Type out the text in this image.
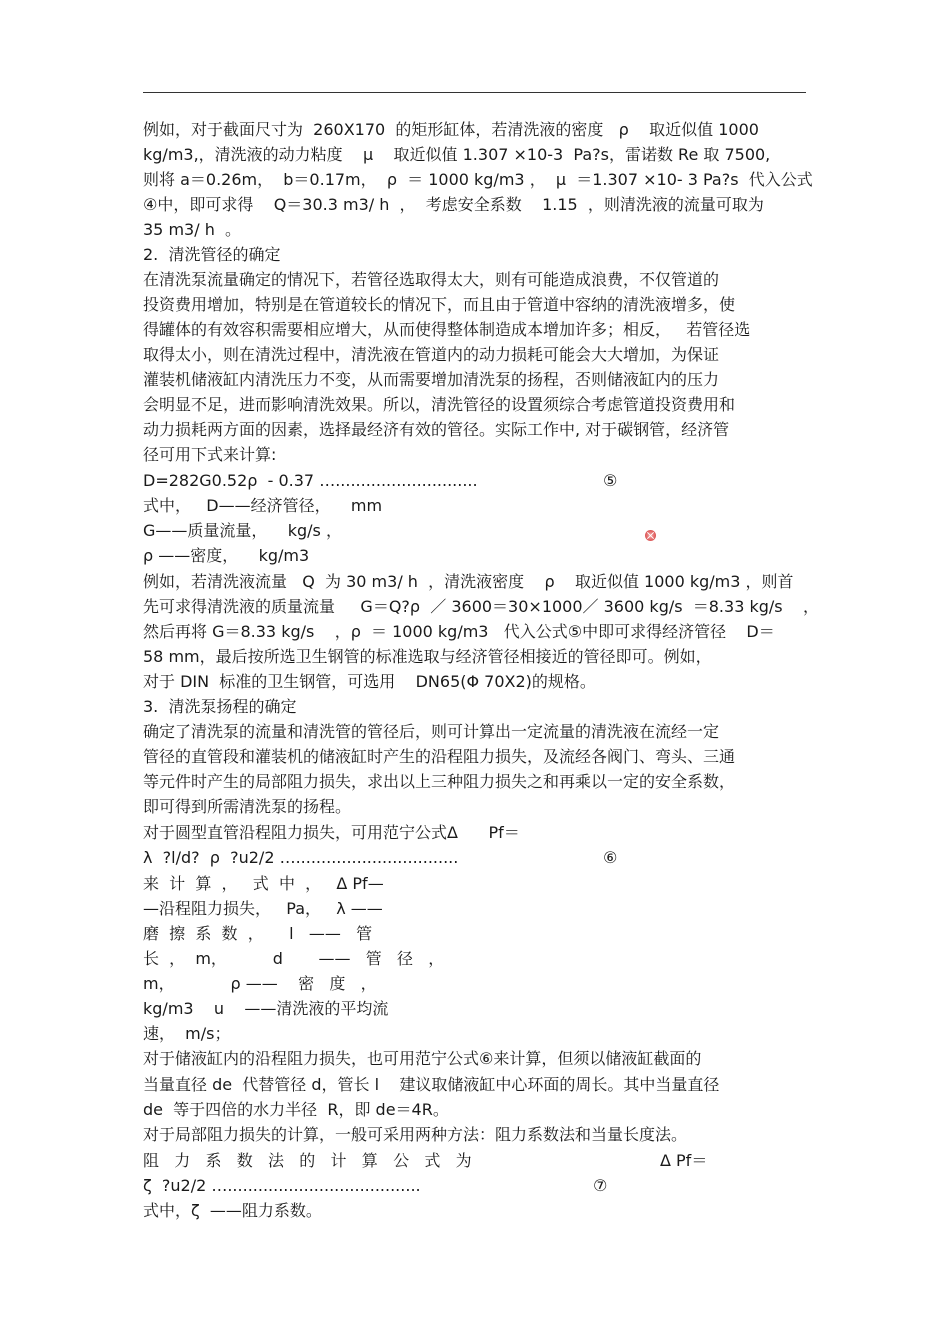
例如，对于截面尺寸为  260X170  的矩形缸体，若清洗液的密度   ρ    取近似值 1000
kg/m3,，清洗液的动力粘度    μ    取近似值 1.307 ×10-3  Pa?s，雷诺数 Re 取 7500,
则将 a＝0.26m，  b＝0.17m，  ρ  ＝ 1000 kg/m3 ，  μ  ＝1.307 ×10- 3 Pa?s  代入公式
④中，即可求得    Q＝30.3 m3/ h  ，  考虑安全系数    1.15  ，则清洗液的流量可取为
35 m3/ h  。
2.  清洗管径的确定
在清洗泵流量确定的情况下，若管径选取得太大，则有可能造成浪费，不仅管道的
投资费用增加，特别是在管道较长的情况下，而且由于管道中容纳的清洗液增多，使
得罐体的有效容积需要相应增大，从而使得整体制造成本增加许多；相反，   若管径选
取得太小，则在清洗过程中，清洗液在管道内的动力损耗可能会大大增加，为保证
灌装机储液缸内清洗压力不变，从而需要增加清洗泵的扬程，否则储液缸内的压力
会明显不足，进而影响清洗效果。所以，清洗管径的设置须综合考虑管道投资费用和
动力损耗两方面的因素，选择最经济有效的管径。实际工作中, 对于碳钢管，经济管
径可用下式来计算:
D=282G0.52ρ  - 0.37 …............................
式中，   D——经济管径，    mm
G——质量流量，    kg/s ，
ρ ——密度，    kg/m3
例如，若清洗液流量   Q  为 30 m3/ h  ，清洗液密度    ρ    取近似值 1000 kg/m3 ，则首
先可求得清洗液的质量流量     G＝Q?ρ  ／ 3600＝30×1000／ 3600 kg/s  ＝8.33 kg/s    ，
然后再将 G＝8.33 kg/s    ，ρ  ＝ 1000 kg/m3   代入公式⑤中即可求得经济管径    D＝
58 mm，最后按所选卫生钢管的标准选取与经济管径相接近的管径即可。例如，
对于 DIN  标准的卫生钢管，可选用    DN65(Φ 70X2)的规格。
3.  清洗泵扬程的确定
确定了清洗泵的流量和清洗管的管径后，则可计算出一定流量的清洗液在流经一定
管径的直管段和灌装机的储液缸时产生的沿程阻力损失，及流经各阀门、弯头、三通
等元件时产生的局部阻力损失，求出以上三种阻力损失之和再乘以一定的安全系数，
即可得到所需清洗泵的扬程。
对于圆型直管沿程阻力损失，可用范宁公式Δ      Pf＝
λ  ?l/d?  ρ  ?u2/2 …................................
来  计  算  ，   式  中  ，   Δ Pf—
—沿程阻力损失，   Pa，   λ ——
磨  擦  系  数  ，     l   ——   管
长  ，  m，         d       ——   管   径   ，
m，           ρ ——    密   度   ，
kg/m3    u    ——清洗液的平均流
速，  m/s；
对于储液缸内的沿程阻力损失，也可用范宁公式⑥来计算，但须以储液缸截面的
当量直径 de  代替管径 d，管长 l    建议取储液缸中心环面的周长。其中当量直径
de  等于四倍的水力半径  R，即 de＝4R。
对于局部阻力损失的计算，一般可采用两种方法：阻力系数法和当量长度法。
阻   力   系   数   法   的   计   算   公   式   为
ζ  ?u2/2 …......................................
式中，ζ  ——阻力系数。
⑤
⑥
⑦
Δ Pf＝
